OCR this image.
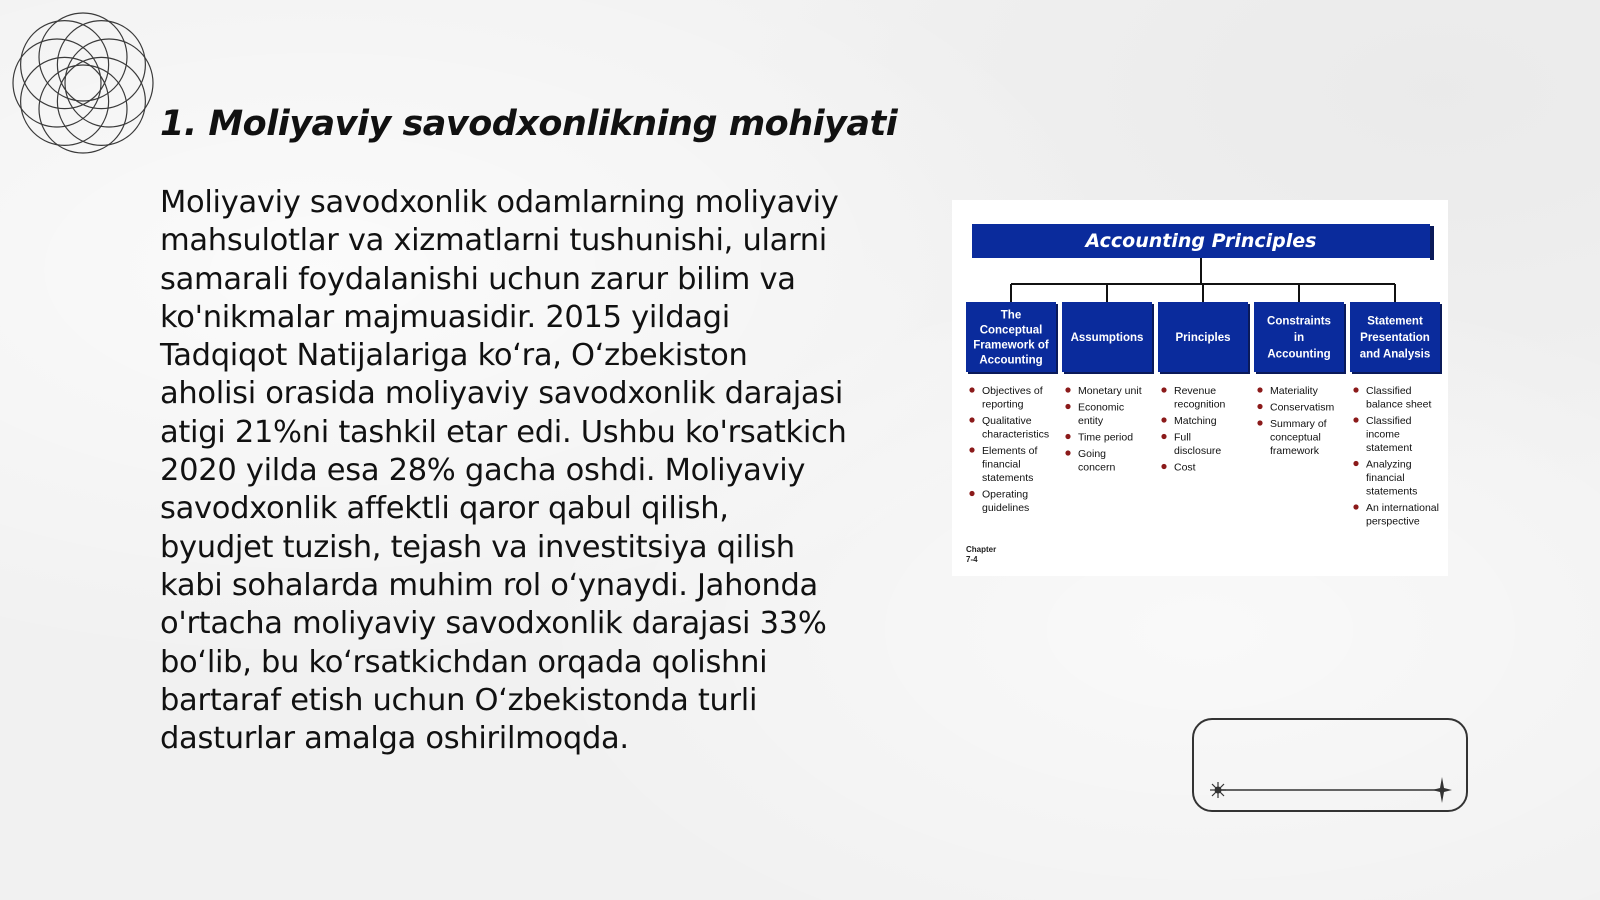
1. Moliyaviy savodxonlikning mohiyati
Moliyaviy savodxonlik odamlarning moliyaviy
mahsulotlar va xizmatlarni tushunishi, ularni
samarali foydalanishi uchun zarur bilim va
ko'nikmalar majmuasidir. 2015 yildagi
Tadqiqot Natijalariga ko‘ra, O‘zbekiston
aholisi orasida moliyaviy savodxonlik darajasi
atigi 21%ni tashkil etar edi. Ushbu ko'rsatkich
2020 yilda esa 28% gacha oshdi. Moliyaviy
savodxonlik affektli qaror qabul qilish,
byudjet tuzish, tejash va investitsiya qilish
kabi sohalarda muhim rol o‘ynaydi. Jahonda
o'rtacha moliyaviy savodxonlik darajasi 33%
bo‘lib, bu ko‘rsatkichdan orqada qolishni
bartaraf etish uchun O‘zbekistonda turli
dasturlar amalga oshirilmoqda.
Accounting Principles
The
Conceptual
Framework of
Accounting
Objectives of
reporting
Qualitative
characteristics
Elements of
financial
statements
Operating
guidelines
Assumptions
Monetary unit
Economic
entity
Time period
Going
concern
Principles
Revenue
recognition
Matching
Full
disclosure
Cost
Constraints
in
Accounting
Materiality
Conservatism
Summary of
conceptual
framework
Statement
Presentation
and Analysis
Classified
balance sheet
Classified
income
statement
Analyzing
financial
statements
An international
perspective
Chapter
7-4
